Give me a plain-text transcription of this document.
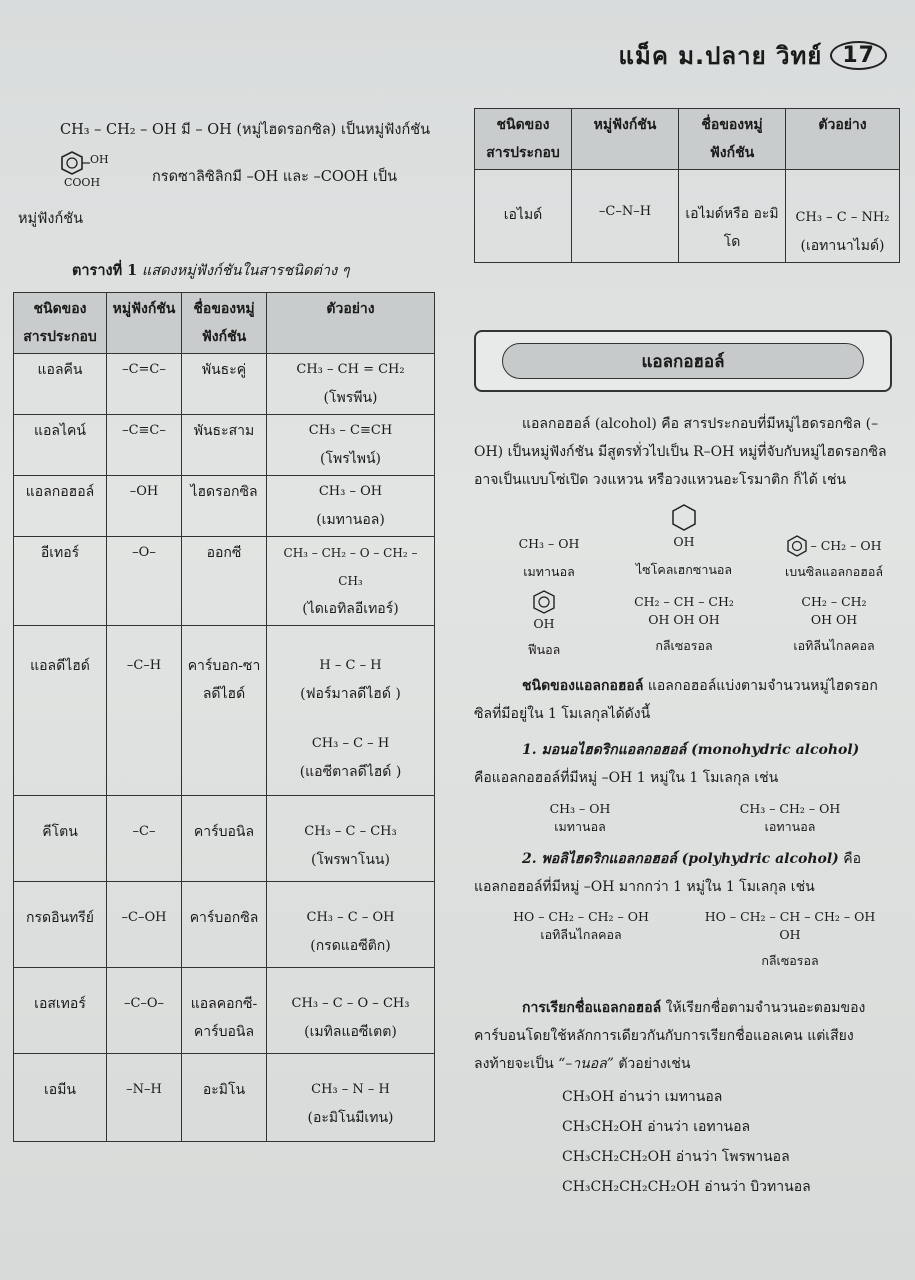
แม็ค ม.ปลาย วิทย์ 17
CH₃ – CH₂ – OH มี – OH (หมู่ไฮดรอกซิล) เป็นหมู่ฟังก์ชัน
OH
COOH	กรดซาลิซิลิกมี –OH และ –COOH เป็น
หมู่ฟังก์ชัน
ตารางที่ 1 แสดงหมู่ฟังก์ชันในสารชนิดต่าง ๆ
ชนิดของสารประกอบ	หมู่ฟังก์ชัน	ชื่อของหมู่ฟังก์ชัน	ตัวอย่าง
แอลคีน	–C=C–	พันธะคู่	CH₃ – CH = CH₂
(โพรพีน)

แอลไคน์	–C≡C–	พันธะสาม	CH₃ – C≡CH
(โพรไพน์)

แอลกอฮอล์	–OH	ไฮดรอกซิล	CH₃ – OH
(เมทานอล)

อีเทอร์	–O–	ออกซี	CH₃ – CH₂ – O – CH₂ – CH₃
(ไดเอทิลอีเทอร์)

แอลดีไฮด์	–C–H	คาร์บอก-ซาลดีไฮด์	H – C – H
(ฟอร์มาลดีไฮด์ )
CH₃ – C – H
(แอซีตาลดีไฮด์ )

คีโตน	–C–	คาร์บอนิล	CH₃ – C – CH₃
(โพรพาโนน)

กรดอินทรีย์	–C–OH	คาร์บอกซิล	CH₃ – C – OH
(กรดแอซีติก)

เอสเทอร์	–C–O–	แอลคอกซี-คาร์บอนิล	CH₃ – C – O – CH₃
(เมทิลแอซีเตต)

เอมีน	–N–H	อะมิโน	CH₃ – N – H
(อะมิโนมีเทน)
ชนิดของสารประกอบ	หมู่ฟังก์ชัน	ชื่อของหมู่ฟังก์ชัน	ตัวอย่าง
เอไมด์	–C–N–H	เอไมด์หรือ อะมิโด	CH₃ – C – NH₂
(เอทานาไมด์)
แอลกอฮอล์
แอลกอฮอล์ (alcohol) คือ สารประกอบที่มีหมู่ไฮดรอกซิล (–OH) เป็นหมู่ฟังก์ชัน มีสูตรทั่วไปเป็น R–OH หมู่ที่จับกับหมู่ไฮดรอกซิลอาจเป็นแบบโซ่เปิด วงแหวน หรือวงแหวนอะโรมาติก ก็ได้ เช่น
CH₃ – OH
เมทานอล
OH
ไซโคลเฮกซานอล
– CH₂ – OH
เบนซิลแอลกอฮอล์
OH
ฟีนอล
CH₂ – CH – CH₂
OH OH OH
กลีเซอรอล
CH₂ – CH₂
OH OH
เอทิลีนไกลคอล
ชนิดของแอลกอฮอล์ แอลกอฮอล์แบ่งตามจำนวนหมู่ไฮดรอกซิลที่มีอยู่ใน 1 โมเลกุลได้ดังนี้
1. มอนอไฮดริกแอลกอฮอล์ (monohydric alcohol)
คือแอลกอฮอล์ที่มีหมู่ –OH 1 หมู่ใน 1 โมเลกุล เช่น
CH₃ – OH
เมทานอล
CH₃ – CH₂ – OH
เอทานอล
2. พอลิไฮดริกแอลกอฮอล์ (polyhydric alcohol) คือ
แอลกอฮอล์ที่มีหมู่ –OH มากกว่า 1 หมู่ใน 1 โมเลกุล เช่น
HO – CH₂ – CH₂ – OH
เอทิลีนไกลคอล
HO – CH₂ – CH – CH₂ – OH
OH
กลีเซอรอล
การเรียกชื่อแอลกอฮอล์ ให้เรียกชื่อตามจำนวนอะตอมของคาร์บอนโดยใช้หลักการเดียวกันกับการเรียกชื่อแอลเคน แต่เสียงลงท้ายจะเป็น “–านอล” ตัวอย่างเช่น
CH₃OH อ่านว่า เมทานอล
CH₃CH₂OH อ่านว่า เอทานอล
CH₃CH₂CH₂OH อ่านว่า โพรพานอล
CH₃CH₂CH₂CH₂OH อ่านว่า บิวทานอล
